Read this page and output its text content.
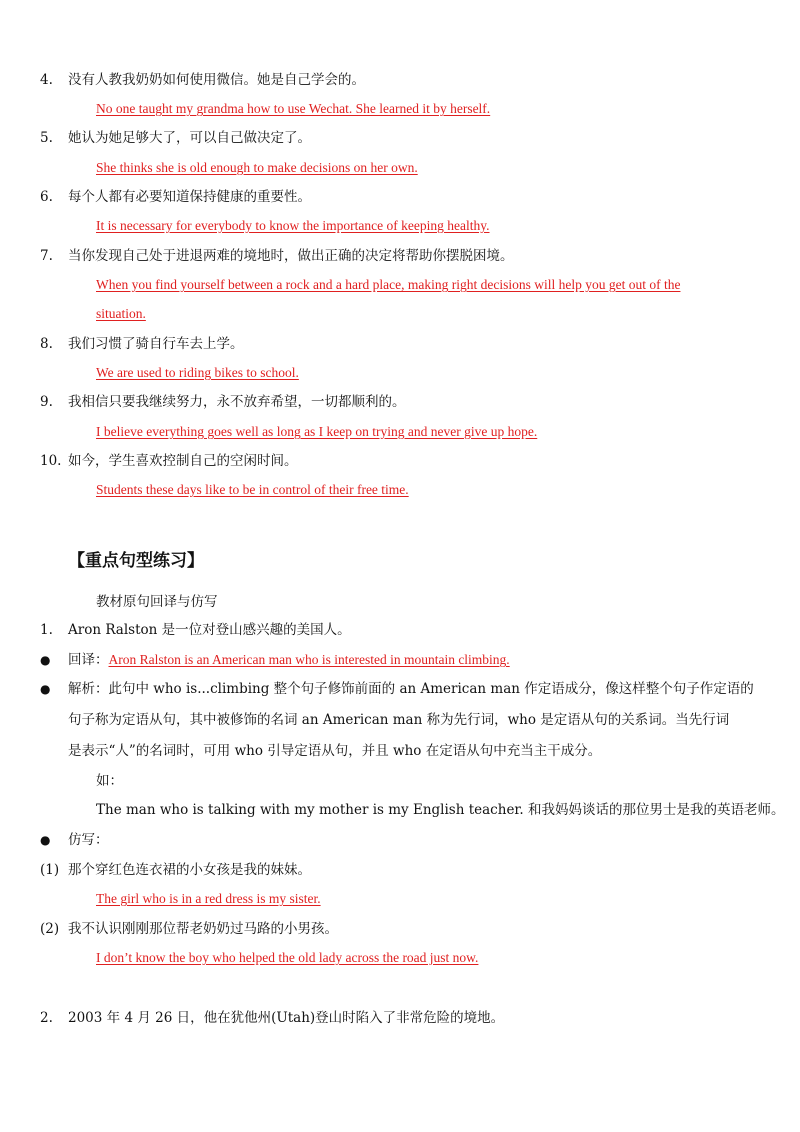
4. 没有人教我奶奶如何使用微信。她是自己学会的。
No one taught my grandma how to use Wechat. She learned it by herself.
5. 她认为她足够大了，可以自己做决定了。
She thinks she is old enough to make decisions on her own.
6. 每个人都有必要知道保持健康的重要性。
It is necessary for everybody to know the importance of keeping healthy.
7. 当你发现自己处于进退两难的境地时，做出正确的决定将帮助你摆脱困境。
When you find yourself between a rock and a hard place, making right decisions will help you get out of the
situation.
8. 我们习惯了骑自行车去上学。
We are used to riding bikes to school.
9. 我相信只要我继续努力，永不放弃希望，一切都顺利的。
I believe everything goes well as long as I keep on trying and never give up hope.
10. 如今，学生喜欢控制自己的空闲时间。
Students these days like to be in control of their free time.
【重点句型练习】
教材原句回译与仿写
1. Aron Ralston 是一位对登山感兴趣的美国人。
● 回译：Aron Ralston is an American man who is interested in mountain climbing.
● 解析：此句中 who is...climbing 整个句子修饰前面的 an American man 作定语成分，像这样整个句子作定语的
句子称为定语从句，其中被修饰的名词 an American man 称为先行词，who 是定语从句的关系词。当先行词
是表示“人”的名词时，可用 who 引导定语从句，并且 who 在定语从句中充当主干成分。
如：
The man who is talking with my mother is my English teacher. 和我妈妈谈话的那位男士是我的英语老师。
● 仿写：
(1) 那个穿红色连衣裙的小女孩是我的妹妹。
The girl who is in a red dress is my sister.
(2) 我不认识刚刚那位帮老奶奶过马路的小男孩。
I don’t know the boy who helped the old lady across the road just now.
2. 2003 年 4 月 26 日，他在犹他州(Utah)登山时陷入了非常危险的境地。
